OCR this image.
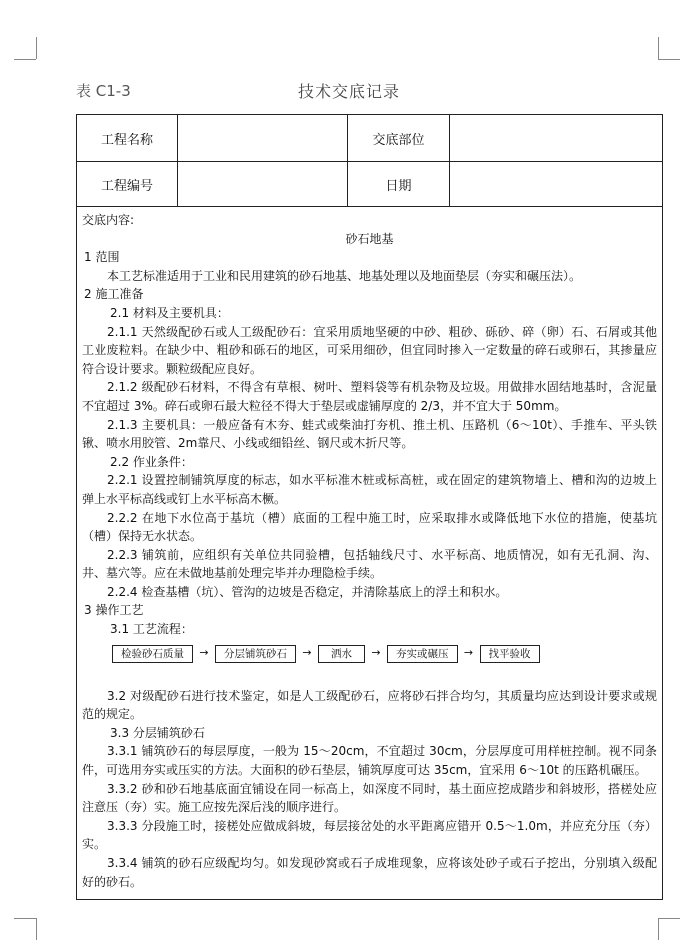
表 C1-3	技术交底记录
工程名称	交底部位
工程编号	日期

交底内容:

砂石地基

1 范围

本工艺标准适用于工业和民用建筑的砂石地基、地基处理以及地面垫层（夯实和碾压法）。

2 施工准备

2.1 材料及主要机具：

2.1.1 天然级配砂石或人工级配砂石：宜采用质地坚硬的中砂、粗砂、砾砂、碎（卵）石、石屑或其他工业废粒料。在缺少中、粗砂和砾石的地区，可采用细砂，但宜同时掺入一定数量的碎石或卵石，其掺量应符合设计要求。颗粒级配应良好。

2.1.2 级配砂石材料，不得含有草根、树叶、塑料袋等有机杂物及垃圾。用做排水固结地基时，含泥量不宜超过 3%。碎石或卵石最大粒径不得大于垫层或虚铺厚度的 2/3，并不宜大于 50mm。

2.1.3 主要机具：一般应备有木夯、蛙式或柴油打夯机、推土机、压路机（6～10t）、手推车、平头铁锹、喷水用胶管、2m靠尺、小线或细铅丝、钢尺或木折尺等。

2.2 作业条件：

2.2.1 设置控制铺筑厚度的标志，如水平标准木桩或标高桩，或在固定的建筑物墙上、槽和沟的边坡上弹上水平标高线或钉上水平标高木橛。

2.2.2 在地下水位高于基坑（槽）底面的工程中施工时，应采取排水或降低地下水位的措施，使基坑（槽）保持无水状态。

2.2.3 铺筑前，应组织有关单位共同验槽，包括轴线尺寸、水平标高、地质情况，如有无孔洞、沟、井、墓穴等。应在未做地基前处理完毕并办理隐检手续。

2.2.4 检查基槽（坑）、管沟的边坡是否稳定，并清除基底上的浮土和积水。

3 操作工艺

3.1 工艺流程：

检验砂石质量	→	分层铺筑砂石	→	洒水	→	夯实或碾压	→	找平验收

3.2 对级配砂石进行技术鉴定，如是人工级配砂石，应将砂石拌合均匀，其质量均应达到设计要求或规范的规定。

3.3 分层铺筑砂石

3.3.1 铺筑砂石的每层厚度，一般为 15～20cm，不宜超过 30cm，分层厚度可用样桩控制。视不同条件，可选用夯实或压实的方法。大面积的砂石垫层，铺筑厚度可达 35cm，宜采用 6～10t 的压路机碾压。

3.3.2 砂和砂石地基底面宜铺设在同一标高上，如深度不同时，基土面应挖成踏步和斜坡形，搭槎处应注意压（夯）实。施工应按先深后浅的顺序进行。

3.3.3 分段施工时，接槎处应做成斜坡，每层接岔处的水平距离应错开 0.5～1.0m，并应充分压（夯）实。

3.3.4 铺筑的砂石应级配均匀。如发现砂窝或石子成堆现象，应将该处砂子或石子挖出，分别填入级配好的砂石。
